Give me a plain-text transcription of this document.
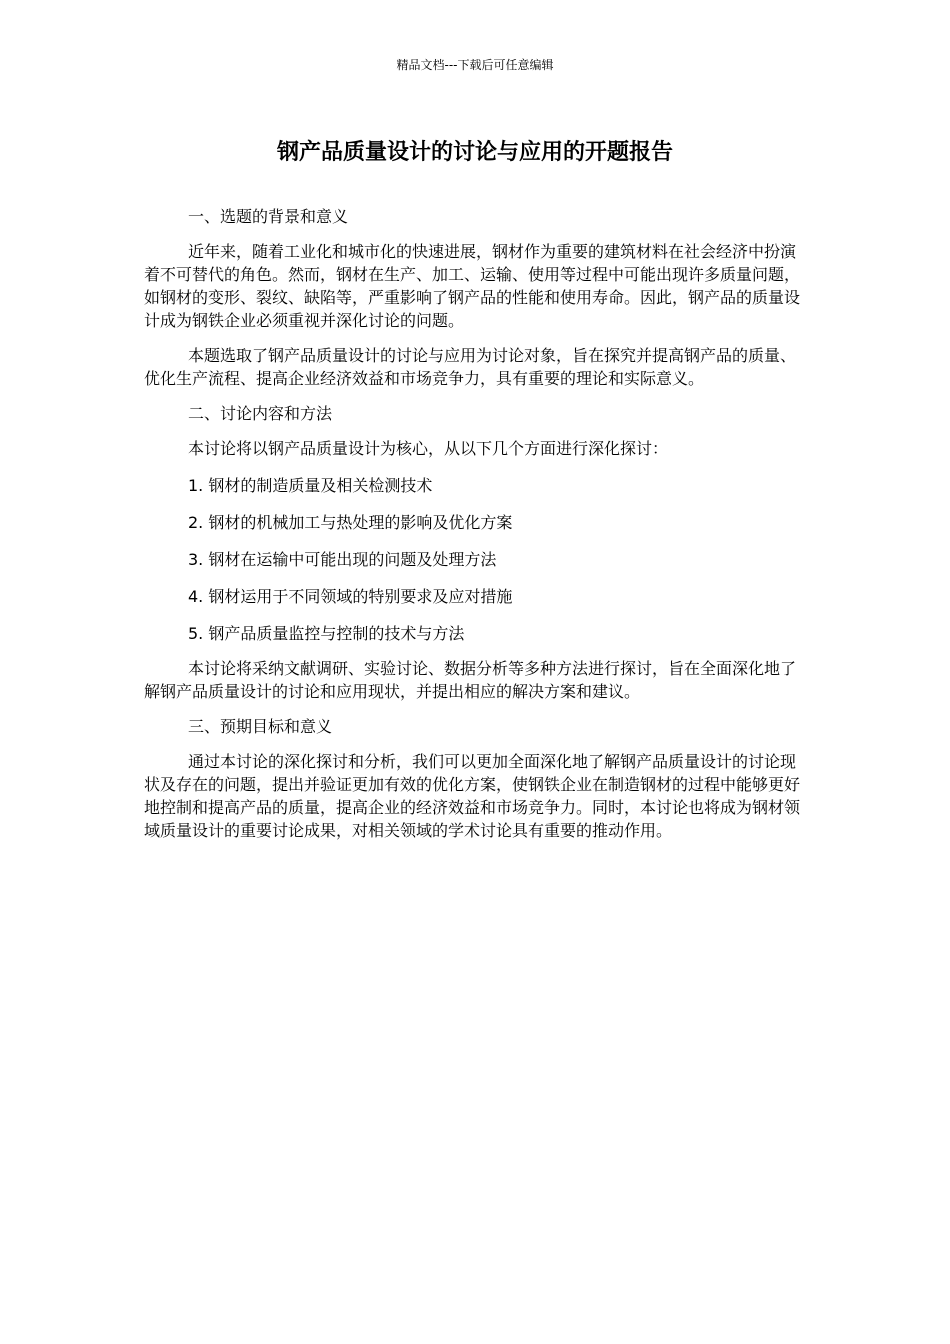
精品文档---下载后可任意编辑
钢产品质量设计的讨论与应用的开题报告

一、选题的背景和意义

近年来，随着工业化和城市化的快速进展，钢材作为重要的建筑材料在社会经济中扮演着不可替代的角色。然而，钢材在生产、加工、运输、使用等过程中可能出现许多质量问题，如钢材的变形、裂纹、缺陷等，严重影响了钢产品的性能和使用寿命。因此，钢产品的质量设计成为钢铁企业必须重视并深化讨论的问题。

本题选取了钢产品质量设计的讨论与应用为讨论对象，旨在探究并提高钢产品的质量、优化生产流程、提高企业经济效益和市场竞争力，具有重要的理论和实际意义。

二、讨论内容和方法

本讨论将以钢产品质量设计为核心，从以下几个方面进行深化探讨：

1. 钢材的制造质量及相关检测技术

2. 钢材的机械加工与热处理的影响及优化方案

3. 钢材在运输中可能出现的问题及处理方法

4. 钢材运用于不同领域的特别要求及应对措施

5. 钢产品质量监控与控制的技术与方法

本讨论将采纳文献调研、实验讨论、数据分析等多种方法进行探讨，旨在全面深化地了解钢产品质量设计的讨论和应用现状，并提出相应的解决方案和建议。

三、预期目标和意义

通过本讨论的深化探讨和分析，我们可以更加全面深化地了解钢产品质量设计的讨论现状及存在的问题，提出并验证更加有效的优化方案，使钢铁企业在制造钢材的过程中能够更好地控制和提高产品的质量，提高企业的经济效益和市场竞争力。同时，本讨论也将成为钢材领域质量设计的重要讨论成果，对相关领域的学术讨论具有重要的推动作用。
